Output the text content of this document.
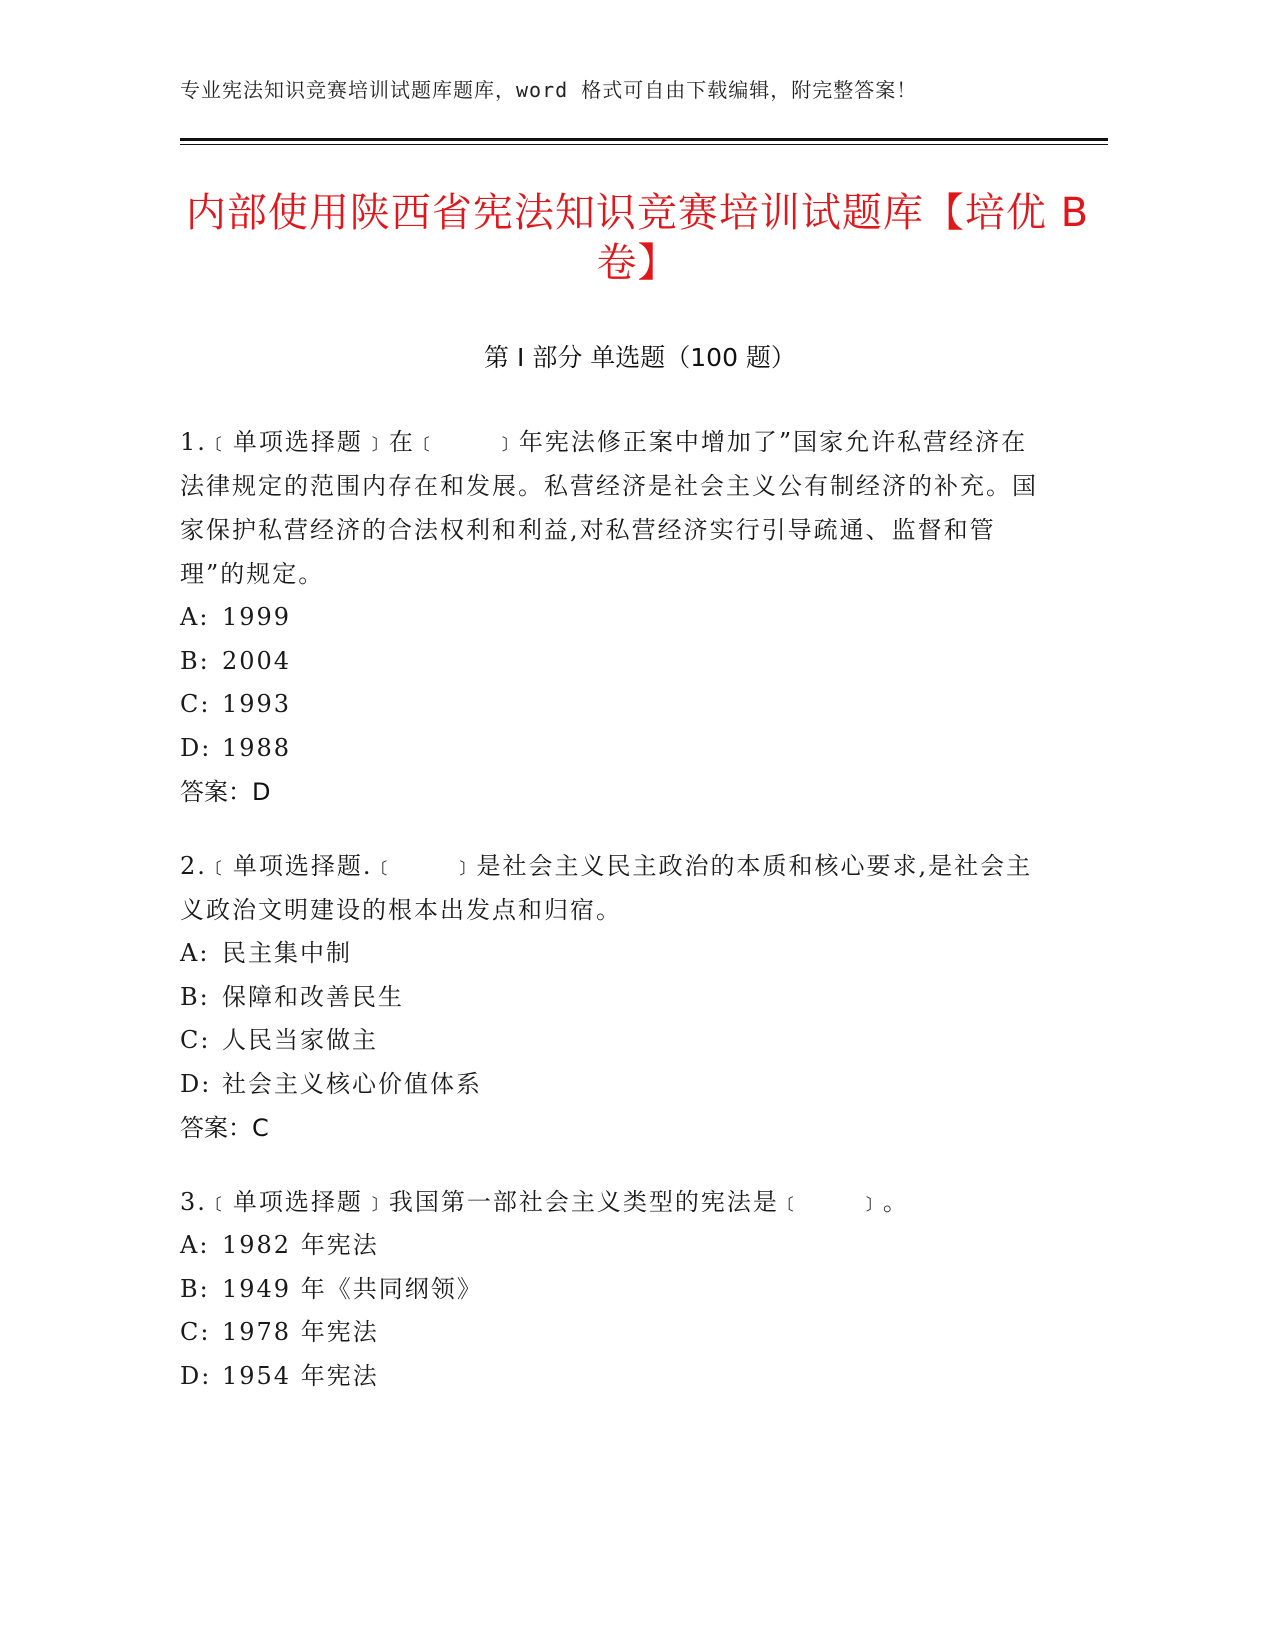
专业宪法知识竞赛培训试题库题库，word 格式可自由下载编辑，附完整答案！
内部使用陕西省宪法知识竞赛培训试题库【培优 B 卷】
第 I 部分 单选题（100 题）

1.﹝单项选择题﹞在﹝　　﹞年宪法修正案中增加了”国家允许私营经济在法律规定的范围内存在和发展。私营经济是社会主义公有制经济的补充。国家保护私营经济的合法权利和利益,对私营经济实行引导疏通、监督和管理”的规定。

A: 1999

B: 2004

C: 1993

D: 1988

答案：D

2.﹝单项选择题.﹝　　﹞是社会主义民主政治的本质和核心要求,是社会主义政治文明建设的根本出发点和归宿。

A: 民主集中制

B: 保障和改善民生

C: 人民当家做主

D: 社会主义核心价值体系

答案：C

3.﹝单项选择题﹞我国第一部社会主义类型的宪法是﹝　　﹞。

A: 1982 年宪法

B: 1949 年《共同纲领》

C: 1978 年宪法

D: 1954 年宪法
